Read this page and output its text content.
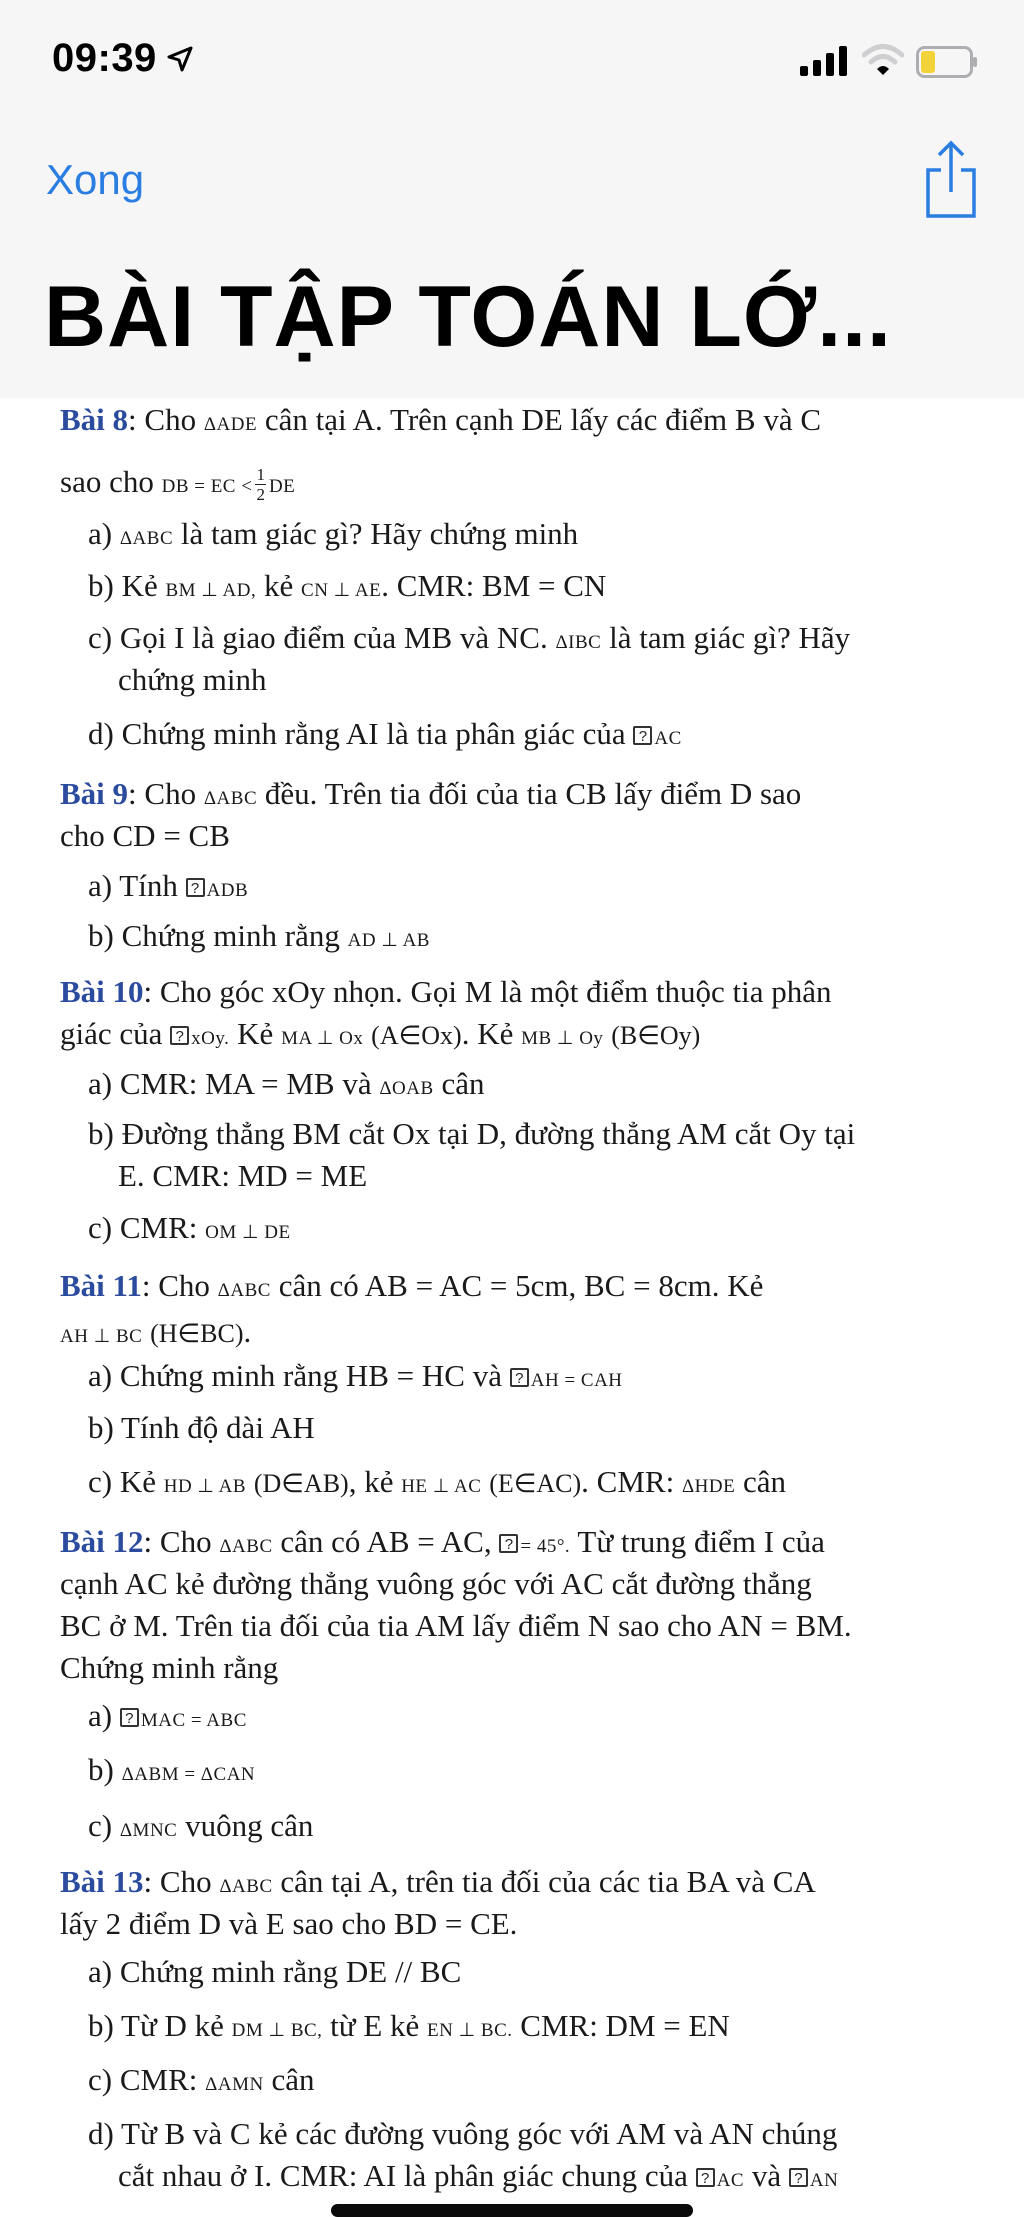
09:39
Xong
BÀI TẬP TOÁN LỚ...
Bài 8: Cho ΔADE cân tại A. Trên cạnh DE lấy các điểm B và C
sao cho DB = EC < $\frac{1}{2}$ DE
a) ΔABC là tam giác gì? Hãy chứng minh
b) Kẻ BM ⊥ AD, kẻ CN ⊥ AE. CMR: BM = CN
c) Gọi I là giao điểm của MB và NC. ΔIBC là tam giác gì? Hãy
chứng minh
d) Chứng minh rằng AI là tia phân giác của ? AC
Bài 9: Cho ΔABC đều. Trên tia đối của tia CB lấy điểm D sao
cho CD = CB
a) Tính ? ADB
b) Chứng minh rằng AD ⊥ AB
Bài 10: Cho góc xOy nhọn. Gọi M là một điểm thuộc tia phân
giác của ? xOy. Kẻ MA ⊥ Ox (A∈Ox). Kẻ MB ⊥ Oy (B∈Oy)
a) CMR: MA = MB và ΔOAB cân
b) Đường thẳng BM cắt Ox tại D, đường thẳng AM cắt Oy tại
E. CMR: MD = ME
c) CMR: OM ⊥ DE
Bài 11: Cho ΔABC cân có AB = AC = 5cm, BC = 8cm. Kẻ
AH ⊥ BC (H∈BC).
a) Chứng minh rằng HB = HC và ? AH = CAH
b) Tính độ dài AH
c) Kẻ HD ⊥ AB (D∈AB), kẻ HE ⊥ AC (E∈AC). CMR: ΔHDE cân
Bài 12: Cho ΔABC cân có AB = AC, ? = 45°. Từ trung điểm I của
cạnh AC kẻ đường thẳng vuông góc với AC cắt đường thẳng
BC ở M. Trên tia đối của tia AM lấy điểm N sao cho AN = BM.
Chứng minh rằng
a) ? MAC = ABC
b) ΔABM = ΔCAN
c) ΔMNC vuông cân
Bài 13: Cho ΔABC cân tại A, trên tia đối của các tia BA và CA
lấy 2 điểm D và E sao cho BD = CE.
a) Chứng minh rằng DE // BC
b) Từ D kẻ DM ⊥ BC, từ E kẻ EN ⊥ BC. CMR: DM = EN
c) CMR: ΔAMN cân
d) Từ B và C kẻ các đường vuông góc với AM và AN chúng
cắt nhau ở I. CMR: AI là phân giác chung của ? AC và ? AN
